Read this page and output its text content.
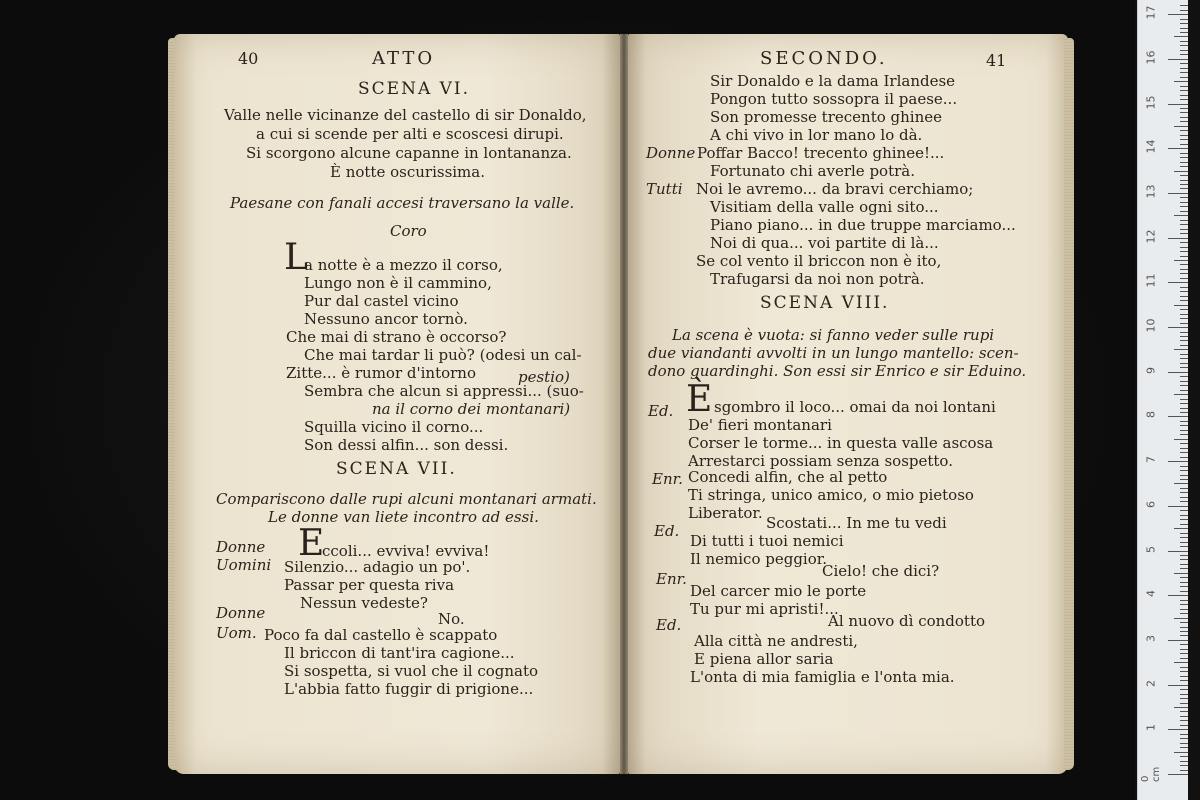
40	ATTO
SCENA VI.
Valle nelle vicinanze del castello di sir Donaldo,
a cui si scende per alti e scoscesi dirupi.
Si scorgono alcune capanne in lontananza.
È notte oscurissima.
Paesane con fanali accesi traversano la valle.
Coro
L
a notte è a mezzo il corso,
Lungo non è il cammino,
Pur dal castel vicino
Nessuno ancor tornò.
Che mai di strano è occorso?
Che mai tardar li può? (odesi un cal-
Zitte... è rumor d'intorno	pestio)
Sembra che alcun si appressi... (suo-
na il corno dei montanari)
Squilla vicino il corno...
Son dessi alfin... son dessi.
SCENA VII.
Compariscono dalle rupi alcuni montanari armati.
Le donne van liete incontro ad essi.
Donne E
ccoli... evviva! evviva!
Uomini Silenzio... adagio un po'.
Passar per questa riva
Nessun vedeste?
Donne	No.
Uom. Poco fa dal castello è scappato
Il briccon di tant'ira cagione...
Si sospetta, si vuol che il cognato
L'abbia fatto fuggir di prigione...
SECONDO.	41
Sir Donaldo e la dama Irlandese
Pongon tutto sossopra il paese...
Son promesse trecento ghinee
A chi vivo in lor mano lo dà.
Donne Poffar Bacco! trecento ghinee!...
Fortunato chi averle potrà.
Tutti Noi le avremo... da bravi cerchiamo;
Visitiam della valle ogni sito...
Piano piano... in due truppe marciamo...
Noi di qua... voi partite di là...
Se col vento il briccon non è ito,
Trafugarsi da noi non potrà.
SCENA VIII.
La scena è vuota: si fanno veder sulle rupi
due viandanti avvolti in un lungo mantello: scen-
dono guardinghi. Son essi sir Enrico e sir Eduino.
Ed. È sgombro il loco... omai da noi lontani
De' fieri montanari
Corser le torme... in questa valle ascosa
Arrestarci possiam senza sospetto.
Enr. Concedi alfin, che al petto
Ti stringa, unico amico, o mio pietoso
Liberator.
Ed.	Scostati... In me tu vedi
Di tutti i tuoi nemici
Il nemico peggior.
Enr.	Cielo! che dici?
Del carcer mio le porte
Tu pur mi apristi!...
Ed.	Al nuovo dì condotto
Alla città ne andresti,
E piena allor saria
L'onta di mia famiglia e l'onta mia.
0 cm
1
2
3
4
5
6
7
8
9
10
11
12
13
14
15
16
17
